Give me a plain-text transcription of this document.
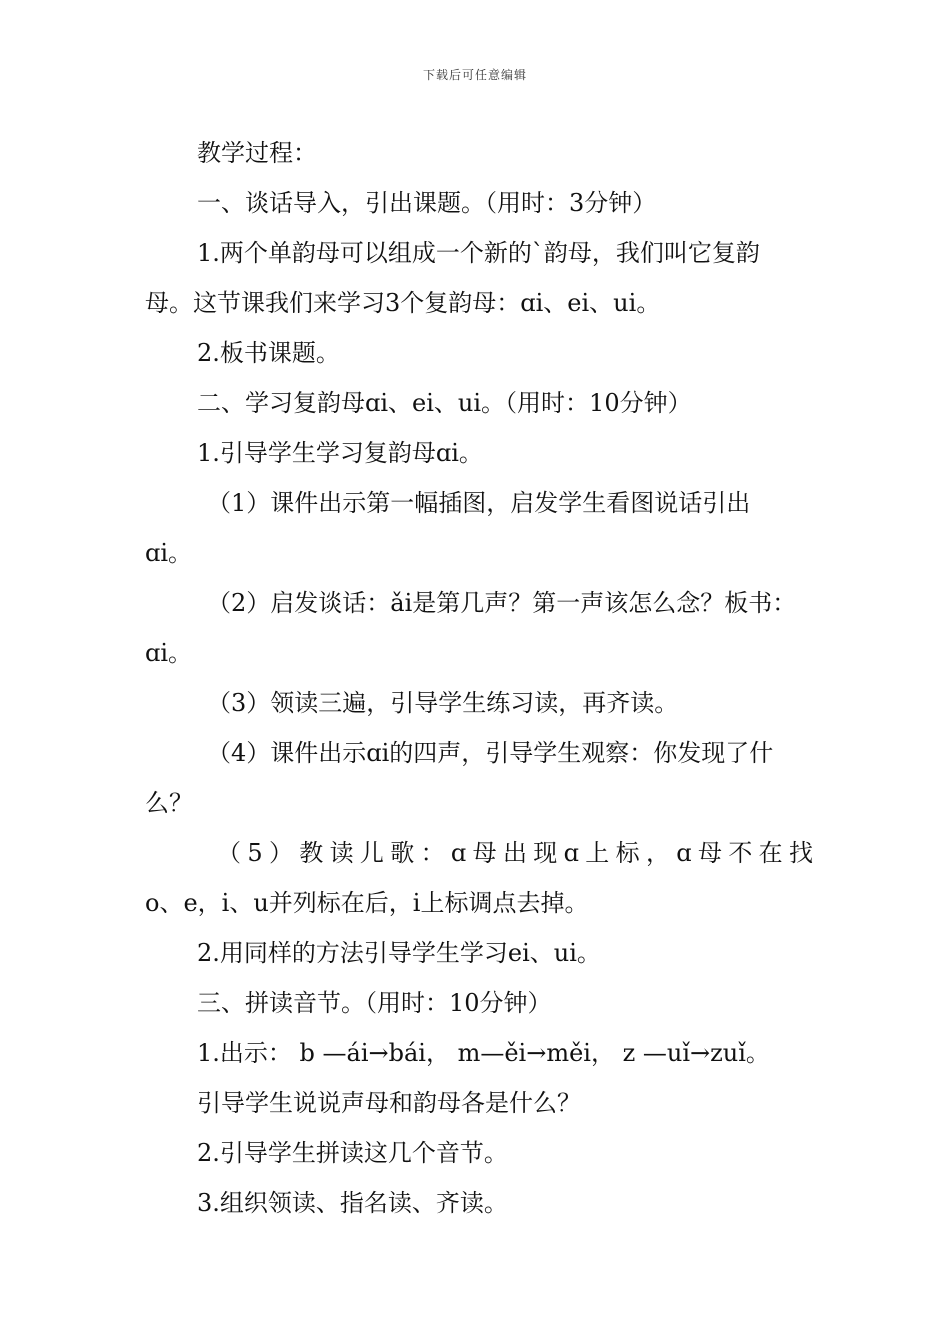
下载后可任意编辑
教学过程：
一、谈话导入，引出课题。（用时：3分钟）
1.两个单韵母可以组成一个新的`韵母，我们叫它复韵
母。这节课我们来学习3个复韵母：ɑi、ei、ui。
2.板书课题。
二、学习复韵母ɑi、ei、ui。（用时：10分钟）
1.引导学生学习复韵母ɑi。
（1）课件出示第一幅插图，启发学生看图说话引出
ɑi。
（2）启发谈话：ǎi是第几声？第一声该怎么念？板书：
ɑi。
（3）领读三遍，引导学生练习读，再齐读。
（4）课件出示ɑi的四声，引导学生观察：你发现了什
么？
（ 5 ） 教 读 儿 歌 ： ɑ 母 出 现 ɑ 上 标 ， ɑ 母 不 在 找
o、e，i、u并列标在后，i上标调点去掉。
2.用同样的方法引导学生学习ei、ui。
三、拼读音节。（用时：10分钟）
1.出示： b —ái→bái， m—ěi→měi， z —uǐ→zuǐ。
引导学生说说声母和韵母各是什么？
2.引导学生拼读这几个音节。
3.组织领读、指名读、齐读。
